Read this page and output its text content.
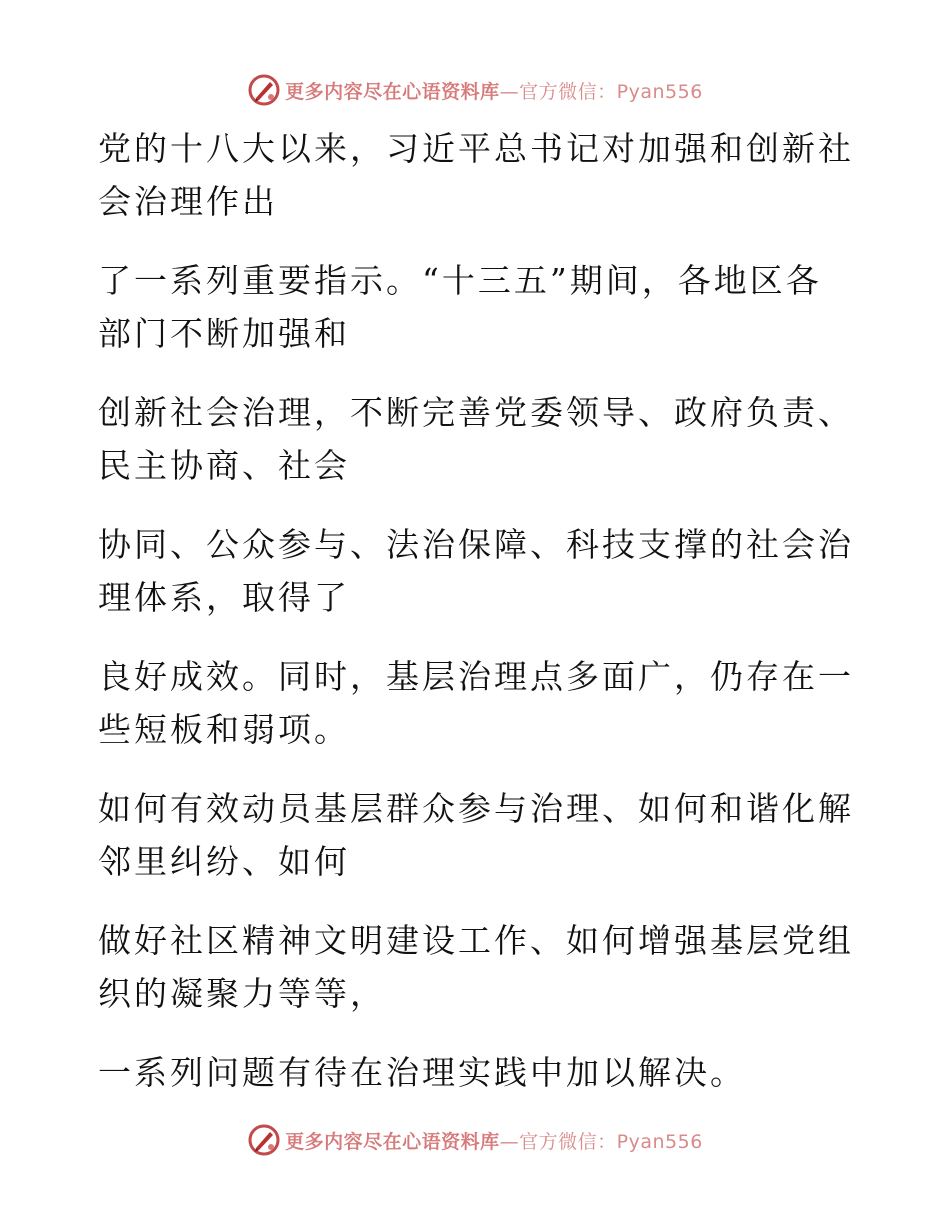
更多内容尽在心语资料库—官方微信：Pyan556

党的十八大以来，习近平总书记对加强和创新社
会治理作出

了一系列重要指示。“十三五”期间，各地区各
部门不断加强和

创新社会治理，不断完善党委领导、政府负责、
民主协商、社会

协同、公众参与、法治保障、科技支撑的社会治
理体系，取得了

良好成效。同时，基层治理点多面广，仍存在一
些短板和弱项。

如何有效动员基层群众参与治理、如何和谐化解
邻里纠纷、如何

做好社区精神文明建设工作、如何增强基层党组
织的凝聚力等等，

一系列问题有待在治理实践中加以解决。

更多内容尽在心语资料库—官方微信：Pyan556
